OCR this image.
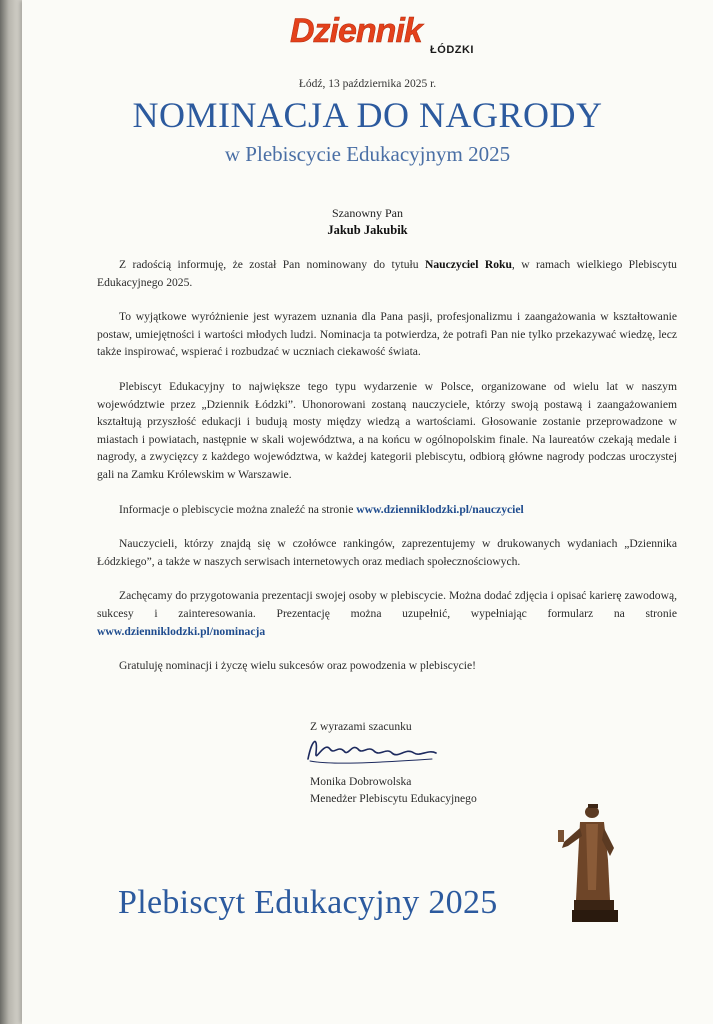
Dziennik ŁÓDZKI
Łódź, 13 października 2025 r.
NOMINACJA DO NAGRODY
w Plebiscycie Edukacyjnym 2025
Szanowny Pan
Jakub Jakubik

Z radością informuję, że został Pan nominowany do tytułu Nauczyciel Roku, w ramach wielkiego Plebiscytu Edukacyjnego 2025.

To wyjątkowe wyróżnienie jest wyrazem uznania dla Pana pasji, profesjonalizmu i zaangażowania w kształtowanie postaw, umiejętności i wartości młodych ludzi. Nominacja ta potwierdza, że potrafi Pan nie tylko przekazywać wiedzę, lecz także inspirować, wspierać i rozbudzać w uczniach ciekawość świata.

Plebiscyt Edukacyjny to największe tego typu wydarzenie w Polsce, organizowane od wielu lat w naszym województwie przez „Dziennik Łódzki”. Uhonorowani zostaną nauczyciele, którzy swoją postawą i zaangażowaniem kształtują przyszłość edukacji i budują mosty między wiedzą a wartościami. Głosowanie zostanie przeprowadzone w miastach i powiatach, następnie w skali województwa, a na końcu w ogólnopolskim finale. Na laureatów czekają medale i nagrody, a zwycięzcy z każdego województwa, w każdej kategorii plebiscytu, odbiorą główne nagrody podczas uroczystej gali na Zamku Królewskim w Warszawie.

Informacje o plebiscycie można znaleźć na stronie www.dzienniklodzki.pl/nauczyciel

Nauczycieli, którzy znajdą się w czołówce rankingów, zaprezentujemy w drukowanych wydaniach „Dziennika Łódzkiego”, a także w naszych serwisach internetowych oraz mediach społecznościowych.

Zachęcamy do przygotowania prezentacji swojej osoby w plebiscycie. Można dodać zdjęcia i opisać karierę zawodową, sukcesy i zainteresowania. Prezentację można uzupełnić, wypełniając formularz na stronie www.dzienniklodzki.pl/nominacja

Gratuluję nominacji i życzę wielu sukcesów oraz powodzenia w plebiscycie!

Z wyrazami szacunku
Monika Dobrowolska
Menedżer Plebiscytu Edukacyjnego
Plebiscyt Edukacyjny 2025
